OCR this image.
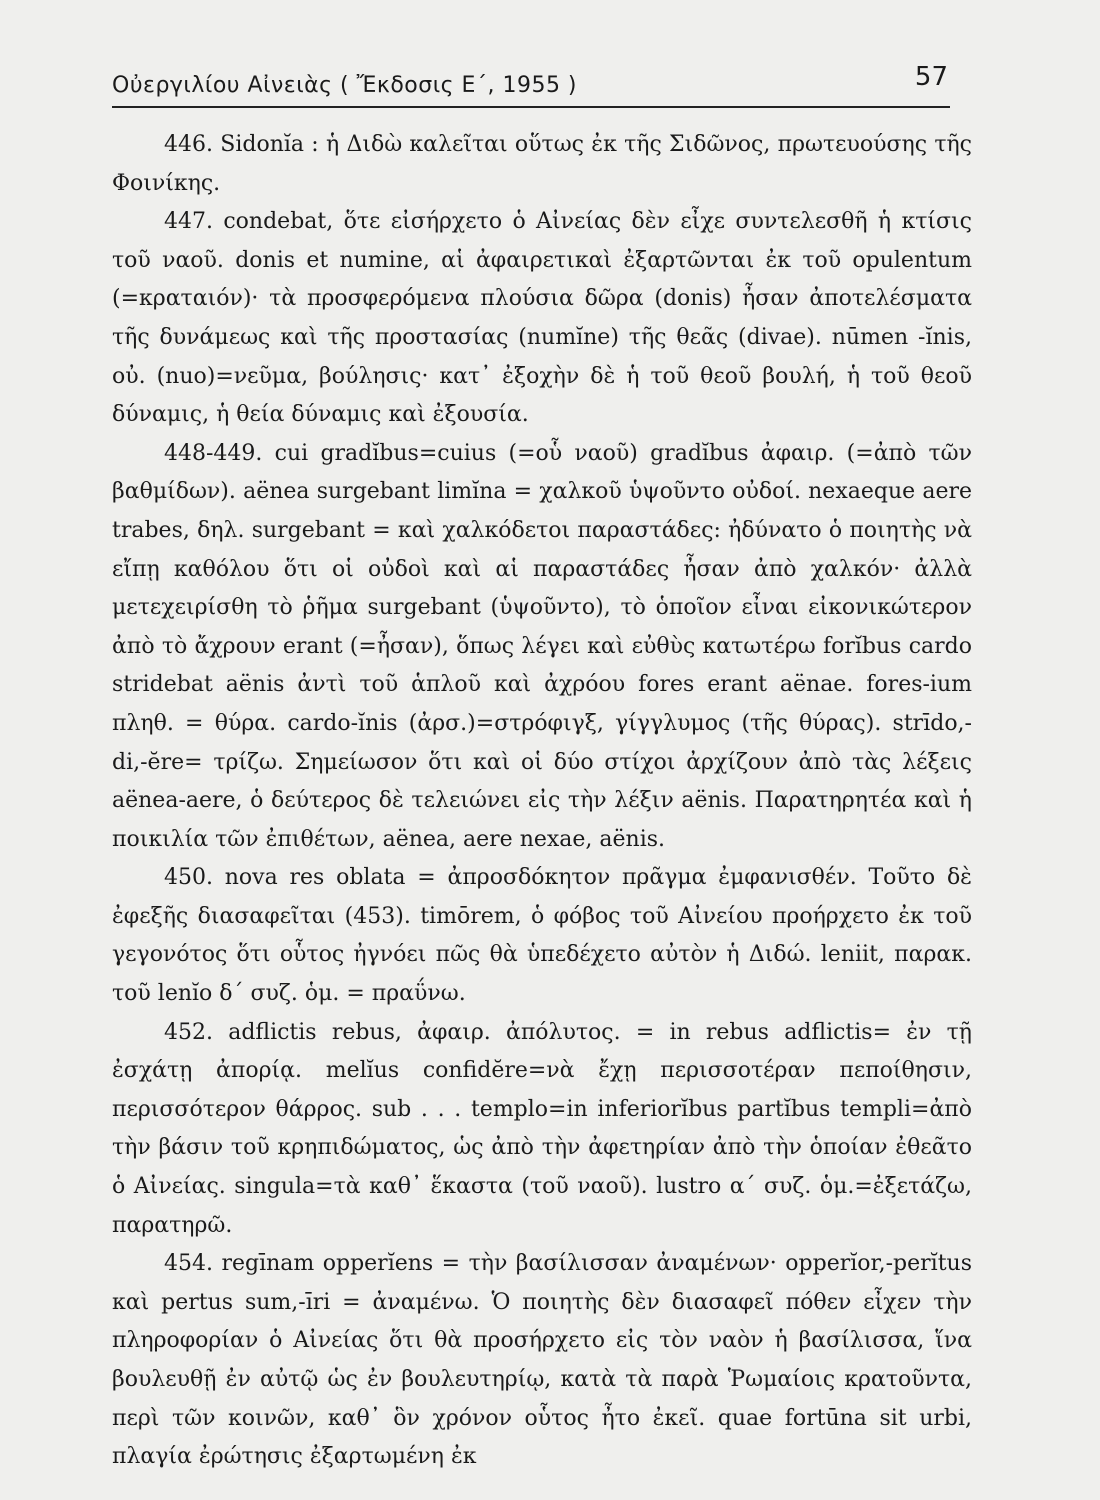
Οὐεργιλίου Αἰνειὰς ( Ἔκδοσις Ε΄, 1955 )	57

446. Sidonĭa : ἡ Διδὼ καλεῖται οὕτως ἐκ τῆς Σιδῶνος, πρωτευούσης τῆς Φοινίκης.

447. condebat, ὅτε εἰσήρχετο ὁ Αἰνείας δὲν εἶχε συντελεσθῆ ἡ κτίσις τοῦ ναοῦ. donis et numine, αἱ ἀφαιρετικαὶ ἐξαρτῶνται ἐκ τοῦ opulentum (=κραταιόν)· τὰ προσφερόμενα πλούσια δῶρα (donis) ἦσαν ἀποτελέσματα τῆς δυνάμεως καὶ τῆς προστασίας (numĭne) τῆς θεᾶς (divae). nūmen -ĭnis, οὐ. (nuo)=νεῦμα, βούλησις· κατ᾿ ἐξοχὴν δὲ ἡ τοῦ θεοῦ βουλή, ἡ τοῦ θεοῦ δύναμις, ἡ θεία δύναμις καὶ ἐξουσία.

448-449. cui gradĭbus=cuius (=οὗ ναοῦ) gradĭbus ἀφαιρ. (=ἀπὸ τῶν βαθμίδων). aënea surgebant limĭna = χαλκοῦ ὑψοῦντο οὐδοί. nexaeque aere trabes, δηλ. surgebant = καὶ χαλκόδετοι παραστάδες: ἠδύνατο ὁ ποιητὴς νὰ εἴπῃ καθόλου ὅτι οἱ οὐδοὶ καὶ αἱ παραστάδες ἦσαν ἀπὸ χαλκόν· ἀλλὰ μετεχειρίσθη τὸ ῥῆμα surgebant (ὑψοῦντο), τὸ ὁποῖον εἶναι εἰκονικώτερον ἀπὸ τὸ ἄχρουν erant (=ἦσαν), ὅπως λέγει καὶ εὐθὺς κατωτέρω forĭbus cardo stridebat aënis ἀντὶ τοῦ ἁπλοῦ καὶ ἀχρόου fores erant aënae. fores-ium πληθ. = θύρα. cardo-ĭnis (ἀρσ.)=στρόφιγξ, γίγγλυμος (τῆς θύρας). strīdo,-di,-ĕre= τρίζω. Σημείωσον ὅτι καὶ οἱ δύο στίχοι ἀρχίζουν ἀπὸ τὰς λέξεις aënea-aere, ὁ δεύτερος δὲ τελειώνει εἰς τὴν λέξιν aënis. Παρατηρητέα καὶ ἡ ποικιλία τῶν ἐπιθέτων, aënea, aere nexae, aënis.

450. nova res oblata = ἀπροσδόκητον πρᾶγμα ἐμφανισθέν. Τοῦτο δὲ ἐφεξῆς διασαφεῖται (453). timōrem, ὁ φόβος τοῦ Αἰνείου προήρχετο ἐκ τοῦ γεγονότος ὅτι οὗτος ἠγνόει πῶς θὰ ὑπεδέχετο αὐτὸν ἡ Διδώ. leniit, παρακ. τοῦ lenĭo δ΄ συζ. ὁμ. = πραΰνω.

452. adflictis rebus, ἀφαιρ. ἀπόλυτος. = in rebus adflictis= ἐν τῇ ἐσχάτῃ ἀπορίᾳ. melĭus confidĕre=νὰ ἔχῃ περισσοτέραν πεποίθησιν, περισσότερον θάρρος. sub . . . templo=in inferiorĭbus partĭbus templi=ἀπὸ τὴν βάσιν τοῦ κρηπιδώματος, ὡς ἀπὸ τὴν ἀφετηρίαν ἀπὸ τὴν ὁποίαν ἐθεᾶτο ὁ Αἰνείας. singula=τὰ καθ᾿ ἕκαστα (τοῦ ναοῦ). lustro α΄ συζ. ὁμ.=ἐξετάζω, παρατηρῶ.

454. regīnam opperĭens = τὴν βασίλισσαν ἀναμένων· opperĭor,-perĭtus καὶ pertus sum,-īri = ἀναμένω. Ὁ ποιητὴς δὲν διασαφεῖ πόθεν εἶχεν τὴν πληροφορίαν ὁ Αἰνείας ὅτι θὰ προσήρχετο εἰς τὸν ναὸν ἡ βασίλισσα, ἵνα βουλευθῇ ἐν αὐτῷ ὡς ἐν βουλευτηρίῳ, κατὰ τὰ παρὰ Ῥωμαίοις κρατοῦντα, περὶ τῶν κοινῶν, καθ᾿ ὃν χρόνον οὗτος ἦτο ἐκεῖ. quae fortūna sit urbi, πλαγία ἐρώτησις ἐξαρτωμένη ἐκ
